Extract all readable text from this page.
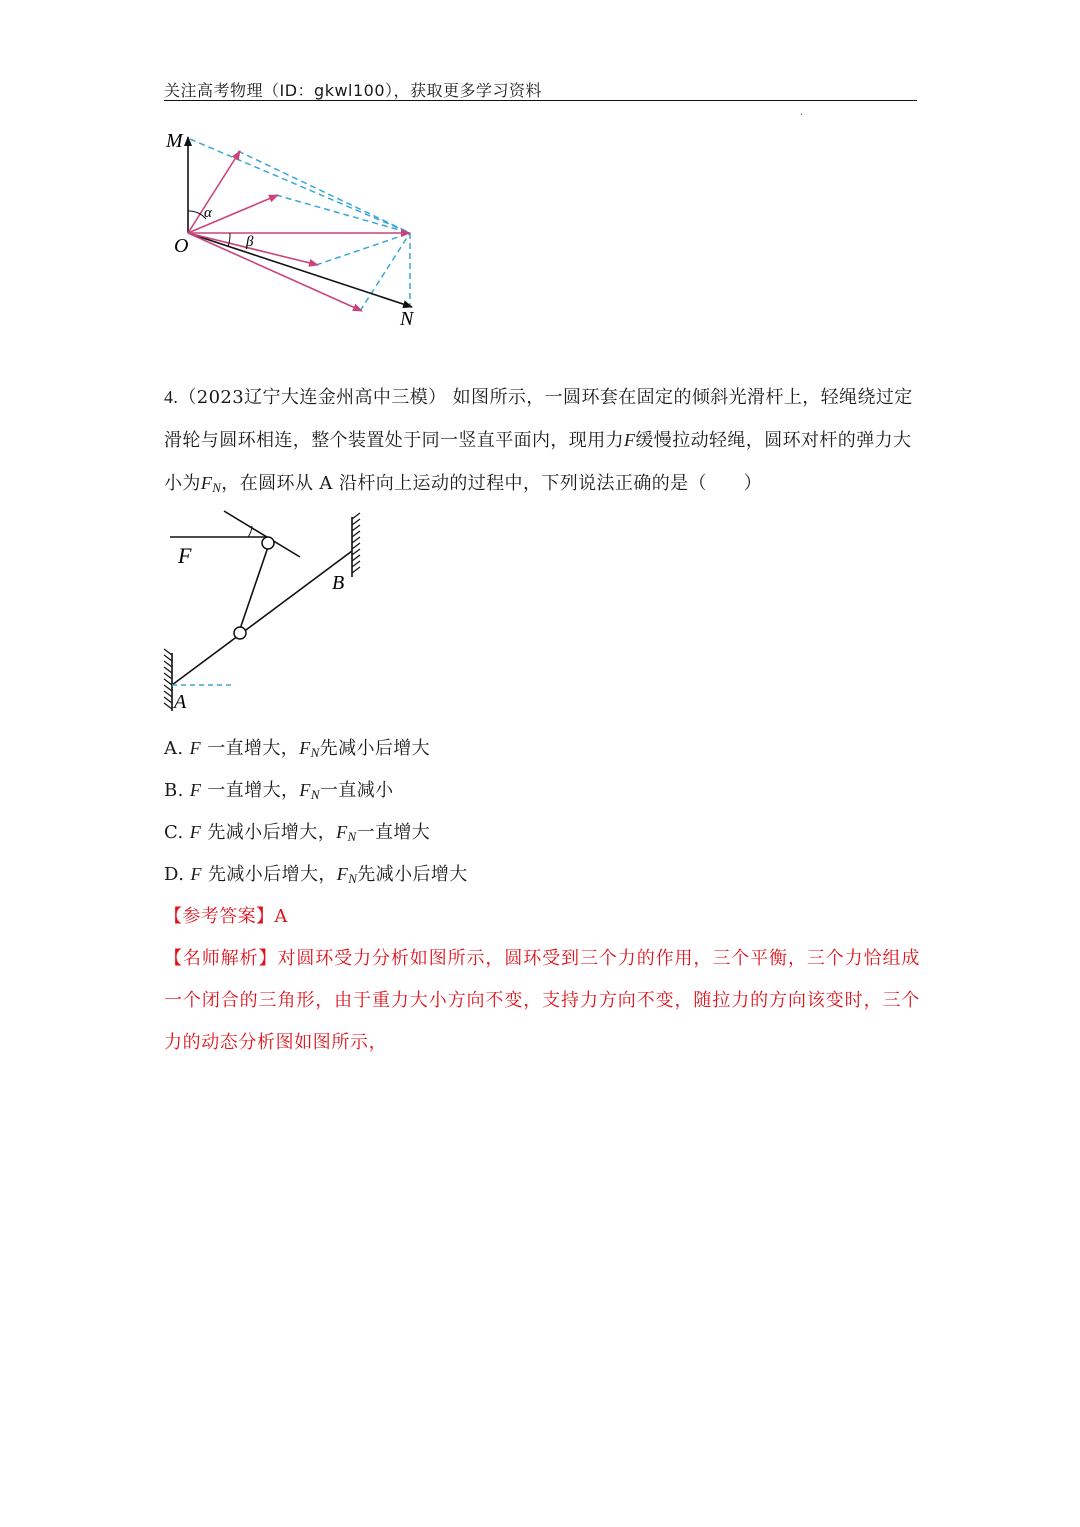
关注高考物理（ID：gkwl100），获取更多学习资料
·
M
O
N
α
β
4.（2023辽宁大连金州高中三模） 如图所示，一圆环套在固定的倾斜光滑杆上，轻绳绕过定滑轮与圆环相连，整个装置处于同一竖直平面内，现用力F缓慢拉动轻绳，圆环对杆的弹力大小为$F_N$，在圆环从 A 沿杆向上运动的过程中，下列说法正确的是（　　）
F
B
A
A. F 一直增大，$F_N$先减小后增大
B. F 一直增大，$F_N$一直减小
C. F 先减小后增大，$F_N$一直增大
D. F 先减小后增大，$F_N$先减小后增大
【参考答案】A
【名师解析】对圆环受力分析如图所示，圆环受到三个力的作用，三个平衡，三个力恰组成一个闭合的三角形，由于重力大小方向不变，支持力方向不变，随拉力的方向该变时，三个力的动态分析图如图所示，
